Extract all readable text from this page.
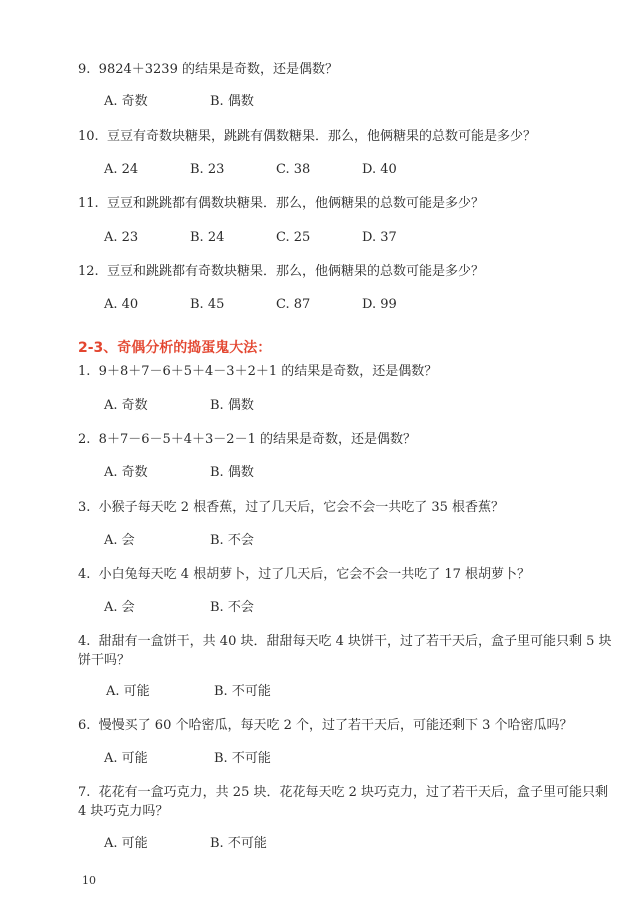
9. 9824＋3239 的结果是奇数，还是偶数？
A. 奇数	B. 偶数
10. 豆豆有奇数块糖果，跳跳有偶数糖果．那么，他俩糖果的总数可能是多少？
A. 24	B. 23	C. 38	D. 40
11. 豆豆和跳跳都有偶数块糖果．那么，他俩糖果的总数可能是多少？
A. 23	B. 24	C. 25	D. 37
12. 豆豆和跳跳都有奇数块糖果．那么，他俩糖果的总数可能是多少？
A. 40	B. 45	C. 87	D. 99
2-3、奇偶分析的捣蛋鬼大法：
1. 9＋8＋7－6＋5＋4－3＋2＋1 的结果是奇数，还是偶数？
A. 奇数	B. 偶数
2. 8＋7－6－5＋4＋3－2－1 的结果是奇数，还是偶数？
A. 奇数	B. 偶数
3. 小猴子每天吃 2 根香蕉，过了几天后，它会不会一共吃了 35 根香蕉？
A. 会	B. 不会
4. 小白兔每天吃 4 根胡萝卜，过了几天后，它会不会一共吃了 17 根胡萝卜？
A. 会	B. 不会
4. 甜甜有一盒饼干，共 40 块．甜甜每天吃 4 块饼干，过了若干天后，盒子里可能只剩 5 块
饼干吗？
A. 可能	B. 不可能
6. 慢慢买了 60 个哈密瓜，每天吃 2 个，过了若干天后，可能还剩下 3 个哈密瓜吗？
A. 可能	B. 不可能
7. 花花有一盒巧克力，共 25 块．花花每天吃 2 块巧克力，过了若干天后，盒子里可能只剩
4 块巧克力吗？
A. 可能	B. 不可能
10
